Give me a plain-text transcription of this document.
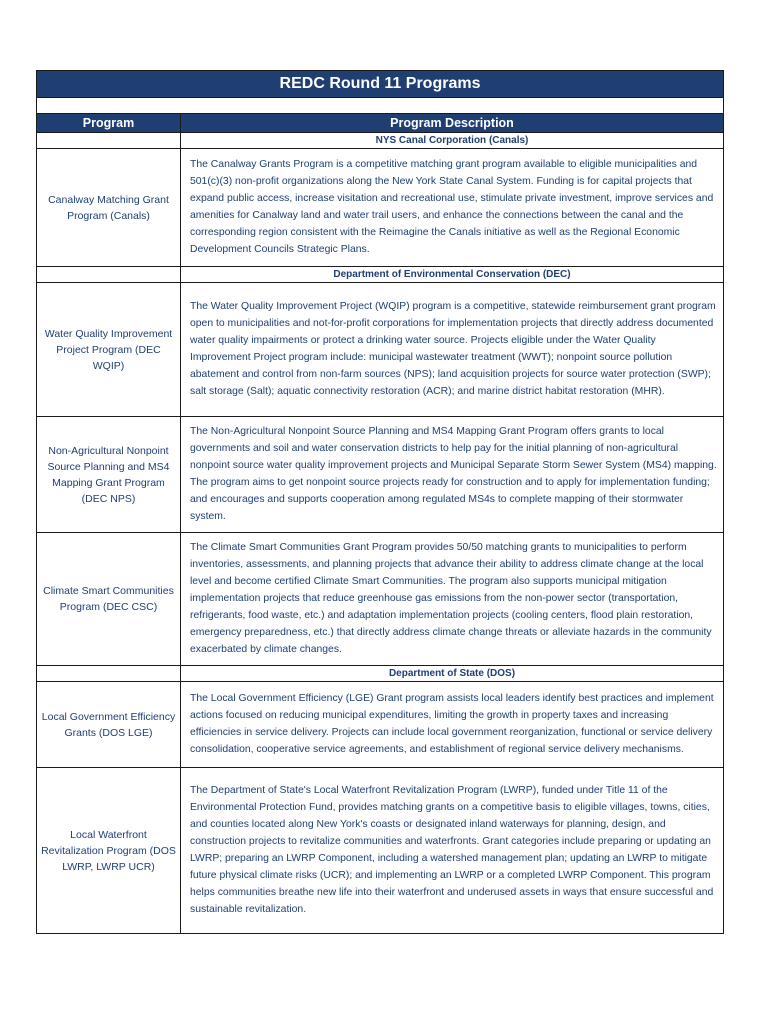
REDC Round 11 Programs	

Program	Program Description
	NYS Canal Corporation (Canals)
Canalway Matching Grant Program (Canals)	The Canalway Grants Program is a competitive matching grant program available to eligible municipalities and 501(c)(3) non-profit organizations along the New York State Canal System. Funding is for capital projects that expand public access, increase visitation and recreational use, stimulate private investment, improve services and amenities for Canalway land and water trail users, and enhance the connections between the canal and the corresponding region consistent with the Reimagine the Canals initiative as well as the Regional Economic Development Councils Strategic Plans.
	Department of Environmental Conservation (DEC)
Water Quality Improvement Project Program (DEC WQIP)	The Water Quality Improvement Project (WQIP) program is a competitive, statewide reimbursement grant program open to municipalities and not-for-profit corporations for implementation projects that directly address documented water quality impairments or protect a drinking water source. Projects eligible under the Water Quality Improvement Project program include: municipal wastewater treatment (WWT); nonpoint source pollution abatement and control from non-farm sources (NPS); land acquisition projects for source water protection (SWP); salt storage (Salt); aquatic connectivity restoration (ACR); and marine district habitat restoration (MHR).
Non-Agricultural Nonpoint Source Planning and MS4 Mapping Grant Program (DEC NPS)	The Non-Agricultural Nonpoint Source Planning and MS4 Mapping Grant Program offers grants to local governments and soil and water conservation districts to help pay for the initial planning of non-agricultural nonpoint source water quality improvement projects and Municipal Separate Storm Sewer System (MS4) mapping. The program aims to get nonpoint source projects ready for construction and to apply for implementation funding; and encourages and supports cooperation among regulated MS4s to complete mapping of their stormwater system.
Climate Smart Communities Program (DEC CSC)	The Climate Smart Communities Grant Program provides 50/50 matching grants to municipalities to perform inventories, assessments, and planning projects that advance their ability to address climate change at the local level and become certified Climate Smart Communities. The program also supports municipal mitigation implementation projects that reduce greenhouse gas emissions from the non-power sector (transportation, refrigerants, food waste, etc.) and adaptation implementation projects (cooling centers, flood plain restoration, emergency preparedness, etc.) that directly address climate change threats or alleviate hazards in the community exacerbated by climate changes.
	Department of State (DOS)
Local Government Efficiency Grants (DOS LGE)	The Local Government Efficiency (LGE) Grant program assists local leaders identify best practices and implement actions focused on reducing municipal expenditures, limiting the growth in property taxes and increasing efficiencies in service delivery. Projects can include local government reorganization, functional or service delivery consolidation, cooperative service agreements, and establishment of regional service delivery mechanisms.
Local Waterfront Revitalization Program (DOS LWRP, LWRP UCR)	The Department of State's Local Waterfront Revitalization Program (LWRP), funded under Title 11 of the Environmental Protection Fund, provides matching grants on a competitive basis to eligible villages, towns, cities, and counties located along New York's coasts or designated inland waterways for planning, design, and construction projects to revitalize communities and waterfronts. Grant categories include preparing or updating an LWRP; preparing an LWRP Component, including a watershed management plan; updating an LWRP to mitigate future physical climate risks (UCR); and implementing an LWRP or a completed LWRP Component. This program helps communities breathe new life into their waterfront and underused assets in ways that ensure successful and sustainable revitalization.
